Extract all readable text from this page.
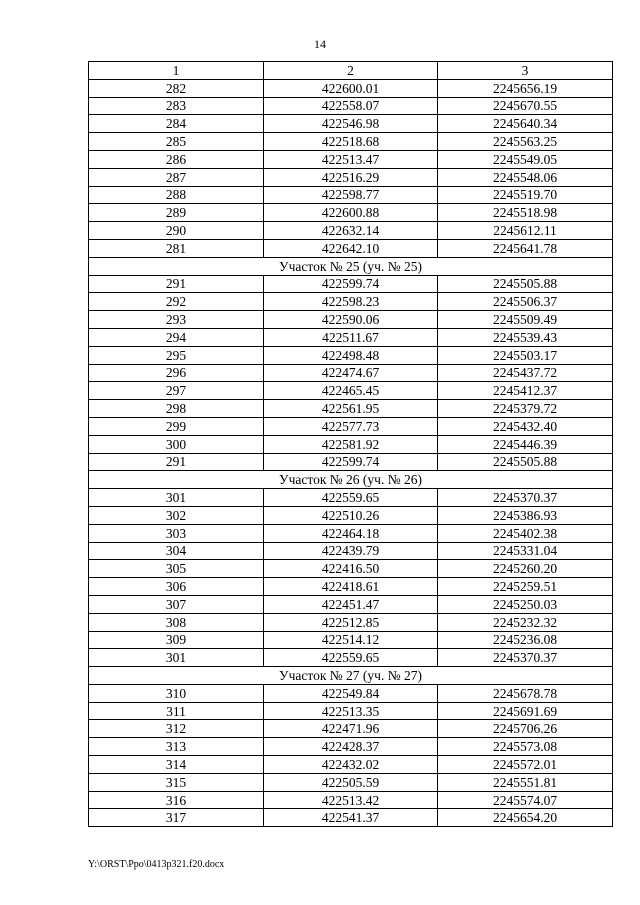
14
1	2	3
282	422600.01	2245656.19
283	422558.07	2245670.55
284	422546.98	2245640.34
285	422518.68	2245563.25
286	422513.47	2245549.05
287	422516.29	2245548.06
288	422598.77	2245519.70
289	422600.88	2245518.98
290	422632.14	2245612.11
281	422642.10	2245641.78
Участок № 25 (уч. № 25)		
291	422599.74	2245505.88
292	422598.23	2245506.37
293	422590.06	2245509.49
294	422511.67	2245539.43
295	422498.48	2245503.17
296	422474.67	2245437.72
297	422465.45	2245412.37
298	422561.95	2245379.72
299	422577.73	2245432.40
300	422581.92	2245446.39
291	422599.74	2245505.88
Участок № 26 (уч. № 26)		
301	422559.65	2245370.37
302	422510.26	2245386.93
303	422464.18	2245402.38
304	422439.79	2245331.04
305	422416.50	2245260.20
306	422418.61	2245259.51
307	422451.47	2245250.03
308	422512.85	2245232.32
309	422514.12	2245236.08
301	422559.65	2245370.37
Участок № 27 (уч. № 27)		
310	422549.84	2245678.78
311	422513.35	2245691.69
312	422471.96	2245706.26
313	422428.37	2245573.08
314	422432.02	2245572.01
315	422505.59	2245551.81
316	422513.42	2245574.07
317	422541.37	2245654.20
Y:\ORST\Ppo\0413p321.f20.docx
